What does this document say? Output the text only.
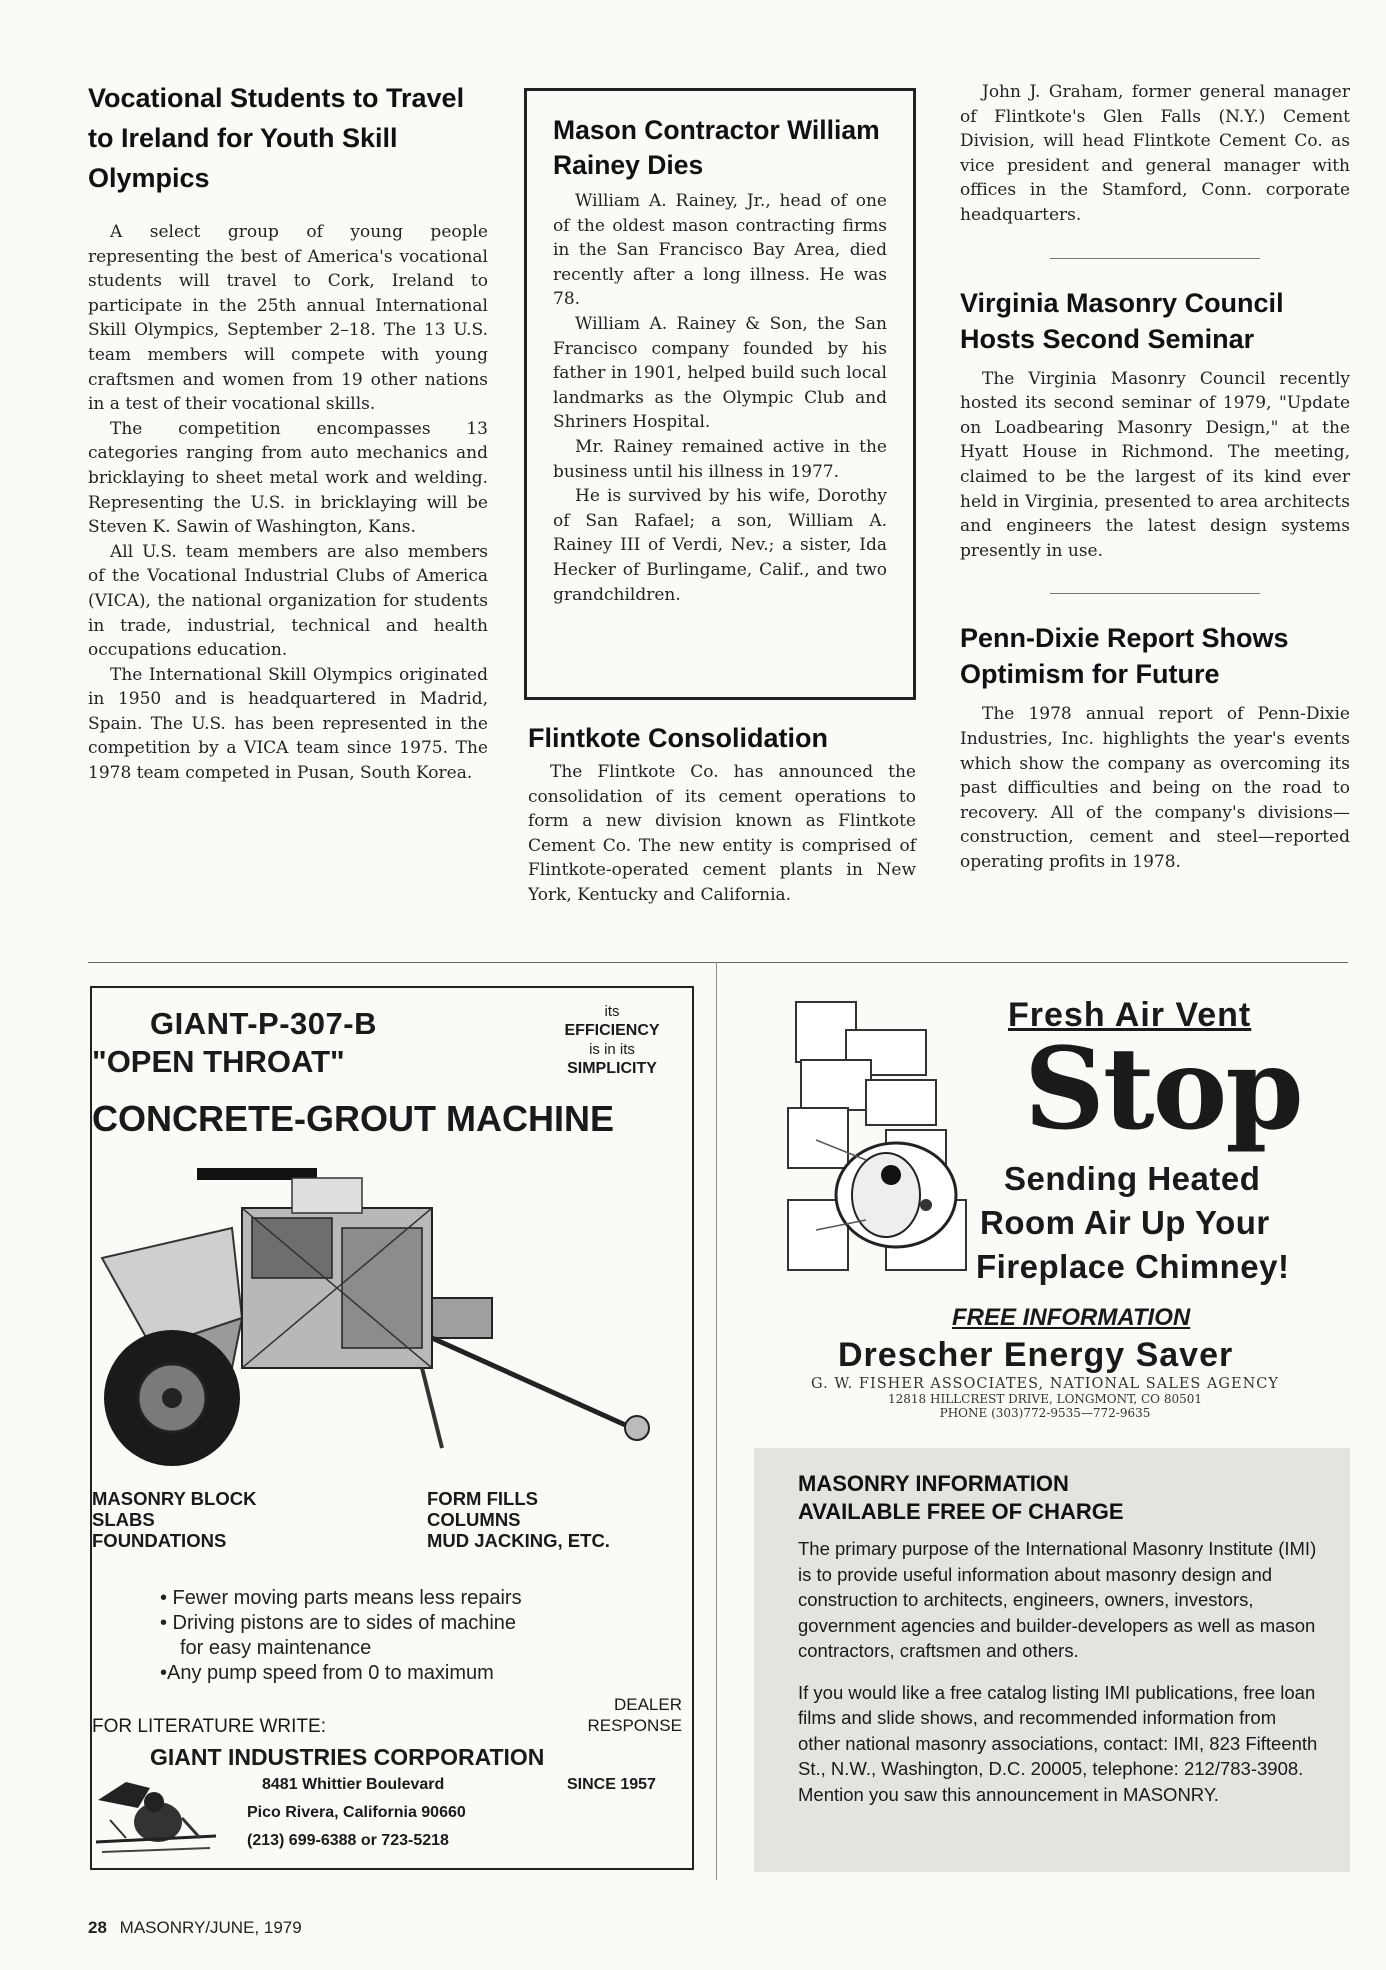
Vocational Students to Travel to Ireland for Youth Skill Olympics

A select group of young people representing the best of America's vocational students will travel to Cork, Ireland to participate in the 25th annual International Skill Olympics, September 2–18. The 13 U.S. team members will compete with young craftsmen and women from 19 other nations in a test of their vocational skills.

The competition encompasses 13 categories ranging from auto mechanics and bricklaying to sheet metal work and welding. Representing the U.S. in bricklaying will be Steven K. Sawin of Washington, Kans.

All U.S. team members are also members of the Vocational Industrial Clubs of America (VICA), the national organization for students in trade, industrial, technical and health occupations education.

The International Skill Olympics originated in 1950 and is headquartered in Madrid, Spain. The U.S. has been represented in the competition by a VICA team since 1975. The 1978 team competed in Pusan, South Korea.

Mason Contractor William Rainey Dies

William A. Rainey, Jr., head of one of the oldest mason contracting firms in the San Francisco Bay Area, died recently after a long illness. He was 78.

William A. Rainey & Son, the San Francisco company founded by his father in 1901, helped build such local landmarks as the Olympic Club and Shriners Hospital.

Mr. Rainey remained active in the business until his illness in 1977.

He is survived by his wife, Dorothy of San Rafael; a son, William A. Rainey III of Verdi, Nev.; a sister, Ida Hecker of Burlingame, Calif., and two grandchildren.

Flintkote Consolidation

The Flintkote Co. has announced the consolidation of its cement operations to form a new division known as Flintkote Cement Co. The new entity is comprised of Flintkote-operated cement plants in New York, Kentucky and California.

John J. Graham, former general manager of Flintkote's Glen Falls (N.Y.) Cement Division, will head Flintkote Cement Co. as vice president and general manager with offices in the Stamford, Conn. corporate headquarters.

Virginia Masonry Council Hosts Second Seminar

The Virginia Masonry Council recently hosted its second seminar of 1979, "Update on Loadbearing Masonry Design," at the Hyatt House in Richmond. The meeting, claimed to be the largest of its kind ever held in Virginia, presented to area architects and engineers the latest design systems presently in use.

Penn-Dixie Report Shows Optimism for Future

The 1978 annual report of Penn-Dixie Industries, Inc. highlights the year's events which show the company as overcoming its past difficulties and being on the road to recovery. All of the company's divisions—construction, cement and steel—reported operating profits in 1978.

GIANT-P-307-B
"OPEN THROAT"
its
EFFICIENCY
is in its
SIMPLICITY
CONCRETE-GROUT MACHINE
MASONRY BLOCK
SLABS
FOUNDATIONS
FORM FILLS
COLUMNS
MUD JACKING, ETC.
• Fewer moving parts means less repairs
• Driving pistons are to sides of machine
for easy maintenance
•Any pump speed from 0 to maximum
FOR LITERATURE WRITE:
DEALER
RESPONSE
GIANT INDUSTRIES CORPORATION
8481 Whittier Boulevard	SINCE 1957
Pico Rivera, California 90660
(213) 699-6388 or 723-5218
Fresh Air Vent
Stop
Sending Heated
Room Air Up Your
Fireplace Chimney!
FREE INFORMATION
Drescher Energy Saver
G. W. FISHER ASSOCIATES, NATIONAL SALES AGENCY
12818 HILLCREST DRIVE, LONGMONT, CO 80501
PHONE (303)772-9535—772-9635
MASONRY INFORMATION
AVAILABLE FREE OF CHARGE

The primary purpose of the International Masonry Institute (IMI) is to provide useful information about masonry design and construction to architects, engineers, owners, investors, government agencies and builder-developers as well as mason contractors, craftsmen and others.

If you would like a free catalog listing IMI publications, free loan films and slide shows, and recommended information from other national masonry associations, contact: IMI, 823 Fifteenth St., N.W., Washington, D.C. 20005, telephone: 212/783-3908. Mention you saw this announcement in MASONRY.

28 MASONRY/JUNE, 1979
